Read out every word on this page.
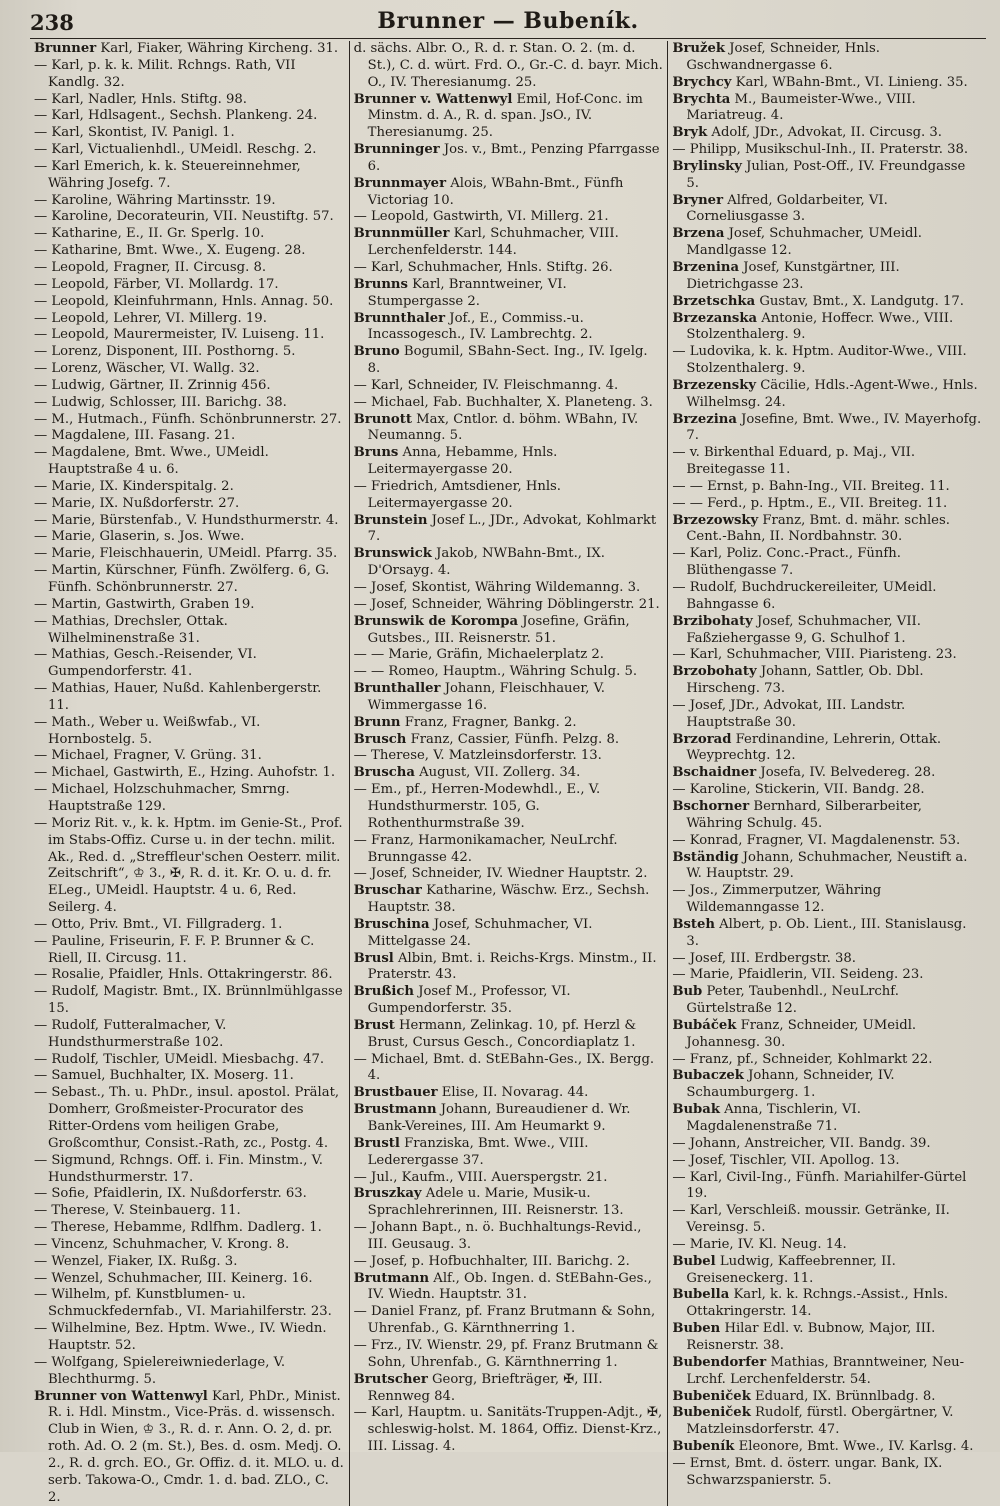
238	Brunner — Bubeník.
Brunner Karl, Fiaker, Währing Kircheng. 31.
— Karl, p. k. k. Milit. Rchngs. Rath, VII Kandlg. 32.
— Karl, Nadler, Hnls. Stiftg. 98.
— Karl, Hdlsagent., Sechsh. Plankeng. 24.
— Karl, Skontist, IV. Panigl. 1.
— Karl, Victualienhdl., UMeidl. Reschg. 2.
— Karl Emerich, k. k. Steuereinnehmer, Währing Josefg. 7.
— Karoline, Währing Martinsstr. 19.
— Karoline, Decorateurin, VII. Neustiftg. 57.
— Katharine, E., II. Gr. Sperlg. 10.
— Katharine, Bmt. Wwe., X. Eugeng. 28.
— Leopold, Fragner, II. Circusg. 8.
— Leopold, Färber, VI. Mollardg. 17.
— Leopold, Kleinfuhrmann, Hnls. Annag. 50.
— Leopold, Lehrer, VI. Millerg. 19.
— Leopold, Maurermeister, IV. Luiseng. 11.
— Lorenz, Disponent, III. Posthorng. 5.
— Lorenz, Wäscher, VI. Wallg. 32.
— Ludwig, Gärtner, II. Zrinnig 456.
— Ludwig, Schlosser, III. Barichg. 38.
— M., Hutmach., Fünfh. Schönbrunnerstr. 27.
— Magdalene, III. Fasang. 21.
— Magdalene, Bmt. Wwe., UMeidl. Hauptstraße 4 u. 6.
— Marie, IX. Kinderspitalg. 2.
— Marie, IX. Nußdorferstr. 27.
— Marie, Bürstenfab., V. Hundsthurmerstr. 4.
— Marie, Glaserin, s. Jos. Wwe.
— Marie, Fleischhauerin, UMeidl. Pfarrg. 35.
— Martin, Kürschner, Fünfh. Zwölferg. 6, G. Fünfh. Schönbrunnerstr. 27.
— Martin, Gastwirth, Graben 19.
— Mathias, Drechsler, Ottak. Wilhelminenstraße 31.
— Mathias, Gesch.-Reisender, VI. Gumpendorferstr. 41.
— Mathias, Hauer, Nußd. Kahlenbergerstr. 11.
— Math., Weber u. Weißwfab., VI. Hornbostelg. 5.
— Michael, Fragner, V. Grüng. 31.
— Michael, Gastwirth, E., Hzing. Auhofstr. 1.
— Michael, Holzschuhmacher, Smrng. Hauptstraße 129.
— Moriz Rit. v., k. k. Hptm. im Genie-St., Prof. im Stabs-Offiz. Curse u. in der techn. milit. Ak., Red. d. „Streffleur'schen Oesterr. milit. Zeitschrift“, ♔ 3., ✠, R. d. it. Kr. O. u. d. fr. ELeg., UMeidl. Hauptstr. 4 u. 6, Red. Seilerg. 4.
— Otto, Priv. Bmt., VI. Fillgraderg. 1.
— Pauline, Friseurin, F. F. P. Brunner & C. Riell, II. Circusg. 11.
— Rosalie, Pfaidler, Hnls. Ottakringerstr. 86.
— Rudolf, Magistr. Bmt., IX. Brünnlmühlgasse 15.
— Rudolf, Futteralmacher, V. Hundsthurmerstraße 102.
— Rudolf, Tischler, UMeidl. Miesbachg. 47.
— Samuel, Buchhalter, IX. Moserg. 11.
— Sebast., Th. u. PhDr., insul. apostol. Prälat, Domherr, Großmeister-Procurator des Ritter-Ordens vom heiligen Grabe, Großcomthur, Consist.-Rath, zc., Postg. 4.
— Sigmund, Rchngs. Off. i. Fin. Minstm., V. Hundsthurmerstr. 17.
— Sofie, Pfaidlerin, IX. Nußdorferstr. 63.
— Therese, V. Steinbauerg. 11.
— Therese, Hebamme, Rdlfhm. Dadlerg. 1.
— Vincenz, Schuhmacher, V. Krong. 8.
— Wenzel, Fiaker, IX. Rußg. 3.
— Wenzel, Schuhmacher, III. Keinerg. 16.
— Wilhelm, pf. Kunstblumen- u. Schmuckfedernfab., VI. Mariahilferstr. 23.
— Wilhelmine, Bez. Hptm. Wwe., IV. Wiedn. Hauptstr. 52.
— Wolfgang, Spielereiwniederlage, V. Blechthurmg. 5.
Brunner von Wattenwyl Karl, PhDr., Minist. R. i. Hdl. Minstm., Vice-Präs. d. wissensch. Club in Wien, ♔ 3., R. d. r. Ann. O. 2, d. pr. roth. Ad. O. 2 (m. St.), Bes. d. osm. Medj. O. 2., R. d. grch. EO., Gr. Offiz. d. it. MLO. u. d. serb. Takowa-O., Cmdr. 1. d. bad. ZLO., C. 2.
d. sächs. Albr. O., R. d. r. Stan. O. 2. (m. d. St.), C. d. würt. Frd. O., Gr.-C. d. bayr. Mich. O., IV. Theresianumg. 25.
Brunner v. Wattenwyl Emil, Hof-Conc. im Minstm. d. A., R. d. span. JsO., IV. Theresianumg. 25.
Brunninger Jos. v., Bmt., Penzing Pfarrgasse 6.
Brunnmayer Alois, WBahn-Bmt., Fünfh Victoriag 10.
— Leopold, Gastwirth, VI. Millerg. 21.
Brunnmüller Karl, Schuhmacher, VIII. Lerchenfelderstr. 144.
— Karl, Schuhmacher, Hnls. Stiftg. 26.
Brunns Karl, Branntweiner, VI. Stumpergasse 2.
Brunnthaler Jof., E., Commiss.-u. Incassogesch., IV. Lambrechtg. 2.
Bruno Bogumil, SBahn-Sect. Ing., IV. Igelg. 8.
— Karl, Schneider, IV. Fleischmanng. 4.
— Michael, Fab. Buchhalter, X. Planeteng. 3.
Brunott Max, Cntlor. d. böhm. WBahn, IV. Neumanng. 5.
Bruns Anna, Hebamme, Hnls. Leitermayergasse 20.
— Friedrich, Amtsdiener, Hnls. Leitermayergasse 20.
Brunstein Josef L., JDr., Advokat, Kohlmarkt 7.
Brunswick Jakob, NWBahn-Bmt., IX. D'Orsayg. 4.
— Josef, Skontist, Währing Wildemanng. 3.
— Josef, Schneider, Währing Döblingerstr. 21.
Brunswik de Korompa Josefine, Gräfin, Gutsbes., III. Reisnerstr. 51.
— — Marie, Gräfin, Michaelerplatz 2.
— — Romeo, Hauptm., Währing Schulg. 5.
Brunthaller Johann, Fleischhauer, V. Wimmergasse 16.
Brunn Franz, Fragner, Bankg. 2.
Brusch Franz, Cassier, Fünfh. Pelzg. 8.
— Therese, V. Matzleinsdorferstr. 13.
Bruscha August, VII. Zollerg. 34.
— Em., pf., Herren-Modewhdl., E., V. Hundsthurmerstr. 105, G. Rothenthurmstraße 39.
— Franz, Harmonikamacher, NeuLrchf. Brunngasse 42.
— Josef, Schneider, IV. Wiedner Hauptstr. 2.
Bruschar Katharine, Wäschw. Erz., Sechsh. Hauptstr. 38.
Bruschina Josef, Schuhmacher, VI. Mittelgasse 24.
Brusl Albin, Bmt. i. Reichs-Krgs. Minstm., II. Praterstr. 43.
Brußich Josef M., Professor, VI. Gumpendorferstr. 35.
Brust Hermann, Zelinkag. 10, pf. Herzl & Brust, Cursus Gesch., Concordiaplatz 1.
— Michael, Bmt. d. StEBahn-Ges., IX. Bergg. 4.
Brustbauer Elise, II. Novarag. 44.
Brustmann Johann, Bureaudiener d. Wr. Bank-Vereines, III. Am Heumarkt 9.
Brustl Franziska, Bmt. Wwe., VIII. Lederergasse 37.
— Jul., Kaufm., VIII. Auerspergstr. 21.
Bruszkay Adele u. Marie, Musik-u. Sprachlehrerinnen, III. Reisnerstr. 13.
— Johann Bapt., n. ö. Buchhaltungs-Revid., III. Geusaug. 3.
— Josef, p. Hofbuchhalter, III. Barichg. 2.
Brutmann Alf., Ob. Ingen. d. StEBahn-Ges., IV. Wiedn. Hauptstr. 31.
— Daniel Franz, pf. Franz Brutmann & Sohn, Uhrenfab., G. Kärnthnerring 1.
— Frz., IV. Wienstr. 29, pf. Franz Brutmann & Sohn, Uhrenfab., G. Kärnthnerring 1.
Brutscher Georg, Briefträger, ✠, III. Rennweg 84.
— Karl, Hauptm. u. Sanitäts-Truppen-Adjt., ✠, schleswig-holst. M. 1864, Offiz. Dienst-Krz., III. Lissag. 4.
Bružek Josef, Schneider, Hnls. Gschwandnergasse 6.
Brychcy Karl, WBahn-Bmt., VI. Linieng. 35.
Brychta M., Baumeister-Wwe., VIII. Mariatreug. 4.
Bryk Adolf, JDr., Advokat, II. Circusg. 3.
— Philipp, Musikschul-Inh., II. Praterstr. 38.
Brylinsky Julian, Post-Off., IV. Freundgasse 5.
Bryner Alfred, Goldarbeiter, VI. Corneliusgasse 3.
Brzena Josef, Schuhmacher, UMeidl. Mandlgasse 12.
Brzenina Josef, Kunstgärtner, III. Dietrichgasse 23.
Brzetschka Gustav, Bmt., X. Landgutg. 17.
Brzezanska Antonie, Hoffecr. Wwe., VIII. Stolzenthalerg. 9.
— Ludovika, k. k. Hptm. Auditor-Wwe., VIII. Stolzenthalerg. 9.
Brzezensky Cäcilie, Hdls.-Agent-Wwe., Hnls. Wilhelmsg. 24.
Brzezina Josefine, Bmt. Wwe., IV. Mayerhofg. 7.
— v. Birkenthal Eduard, p. Maj., VII. Breitegasse 11.
— — Ernst, p. Bahn-Ing., VII. Breiteg. 11.
— — Ferd., p. Hptm., E., VII. Breiteg. 11.
Brzezowsky Franz, Bmt. d. mähr. schles. Cent.-Bahn, II. Nordbahnstr. 30.
— Karl, Poliz. Conc.-Pract., Fünfh. Blüthengasse 7.
— Rudolf, Buchdruckereileiter, UMeidl. Bahngasse 6.
Brzibohaty Josef, Schuhmacher, VII. Faßziehergasse 9, G. Schulhof 1.
— Karl, Schuhmacher, VIII. Piaristeng. 23.
Brzobohaty Johann, Sattler, Ob. Dbl. Hirscheng. 73.
— Josef, JDr., Advokat, III. Landstr. Hauptstraße 30.
Brzorad Ferdinandine, Lehrerin, Ottak. Weyprechtg. 12.
Bschaidner Josefa, IV. Belvedereg. 28.
— Karoline, Stickerin, VII. Bandg. 28.
Bschorner Bernhard, Silberarbeiter, Währing Schulg. 45.
— Konrad, Fragner, VI. Magdalenenstr. 53.
Bständig Johann, Schuhmacher, Neustift a. W. Hauptstr. 29.
— Jos., Zimmerputzer, Währing Wildemanngasse 12.
Bsteh Albert, p. Ob. Lient., III. Stanislausg. 3.
— Josef, III. Erdbergstr. 38.
— Marie, Pfaidlerin, VII. Seideng. 23.
Bub Peter, Taubenhdl., NeuLrchf. Gürtelstraße 12.
Bubáček Franz, Schneider, UMeidl. Johannesg. 30.
— Franz, pf., Schneider, Kohlmarkt 22.
Bubaczek Johann, Schneider, IV. Schaumburgerg. 1.
Bubak Anna, Tischlerin, VI. Magdalenenstraße 71.
— Johann, Anstreicher, VII. Bandg. 39.
— Josef, Tischler, VII. Apollog. 13.
— Karl, Civil-Ing., Fünfh. Mariahilfer-Gürtel 19.
— Karl, Verschleiß. moussir. Getränke, II. Vereinsg. 5.
— Marie, IV. Kl. Neug. 14.
Bubel Ludwig, Kaffeebrenner, II. Greiseneckerg. 11.
Bubella Karl, k. k. Rchngs.-Assist., Hnls. Ottakringerstr. 14.
Buben Hilar Edl. v. Bubnow, Major, III. Reisnerstr. 38.
Bubendorfer Mathias, Branntweiner, Neu-Lrchf. Lerchenfelderstr. 54.
Bubeniček Eduard, IX. Brünnlbadg. 8.
Bubeniček Rudolf, fürstl. Obergärtner, V. Matzleinsdorferstr. 47.
Bubeník Eleonore, Bmt. Wwe., IV. Karlsg. 4.
— Ernst, Bmt. d. österr. ungar. Bank, IX. Schwarzspanierstr. 5.
